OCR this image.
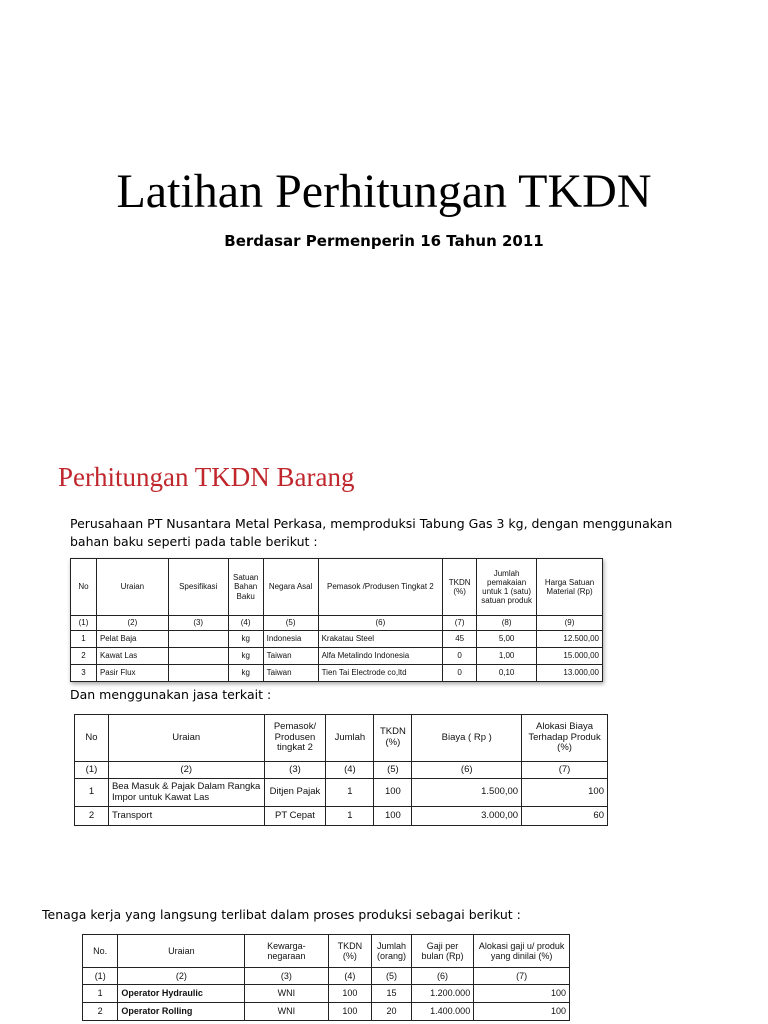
Latihan Perhitungan TKDN
Berdasar Permenperin 16 Tahun 2011
Perhitungan TKDN Barang
Perusahaan PT Nusantara Metal Perkasa, memproduksi Tabung Gas 3 kg, dengan menggunakan
bahan baku seperti pada table berikut :
No	Uraian	Spesifikasi	Satuan Bahan Baku	Negara Asal	Pemasok /Produsen Tingkat 2	TKDN (%)	Jumlah pemakaian untuk 1 (satu) satuan produk	Harga Satuan Material (Rp)
(1)	(2)	(3)	(4)	(5)	(6)	(7)	(8)	(9)
1	Pelat Baja		kg	Indonesia	Krakatau Steel	45	5,00	12.500,00
2	Kawat Las		kg	Taiwan	Alfa Metalindo Indonesia	0	1,00	15.000,00
3	Pasir Flux		kg	Taiwan	Tien Tai Electrode co,ltd	0	0,10	13.000,00
Dan menggunakan jasa terkait :
No	Uraian	Pemasok/ Produsen tingkat 2	Jumlah	TKDN (%)	Biaya ( Rp )	Alokasi Biaya Terhadap Produk (%)
(1)	(2)	(3)	(4)	(5)	(6)	(7)
1	Bea Masuk & Pajak Dalam Rangka Impor untuk Kawat Las	Ditjen Pajak	1	100	1.500,00	100
2	Transport	PT Cepat	1	100	3.000,00	60
Tenaga kerja yang langsung terlibat dalam proses produksi sebagai berikut :
No.	Uraian	Kewarga-negaraan	TKDN (%)	Jumlah (orang)	Gaji per bulan (Rp)	Alokasi gaji u/ produk yang dinilai (%)
(1)	(2)	(3)	(4)	(5)	(6)	(7)
1	Operator Hydraulic	WNI	100	15	1.200.000	100
2	Operator Rolling	WNI	100	20	1.400.000	100
